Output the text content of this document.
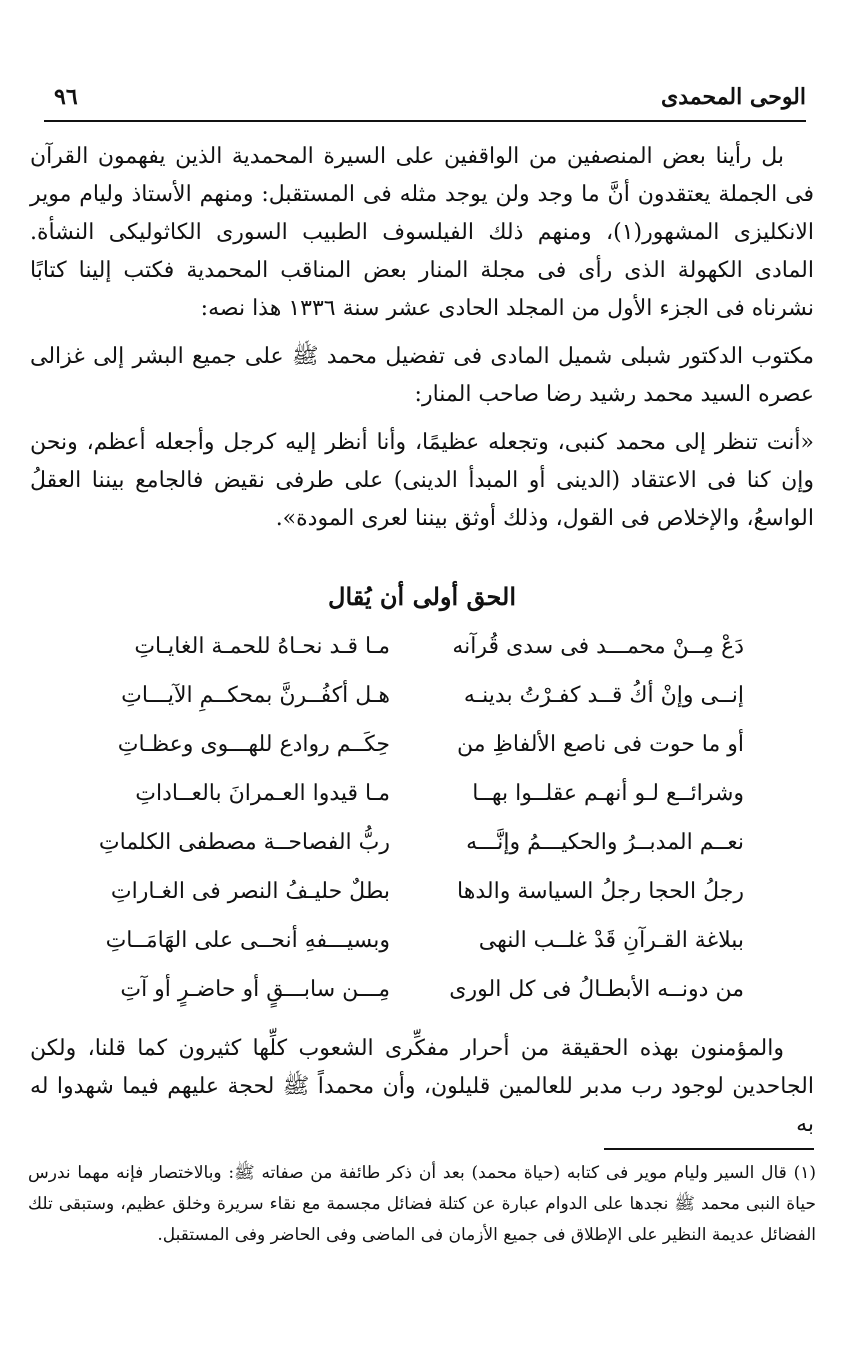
الوحى المحمدى
٩٦

بل رأينا بعض المنصفين من الواقفين على السيرة المحمدية الذين يفهمون القرآن فى الجملة يعتقدون أنَّ ما وجد ولن يوجد مثله فى المستقبل: ومنهم الأستاذ وليام موير الانكليزى المشهور(١)، ومنهم ذلك الفيلسوف الطبيب السورى الكاثوليكى النشأة. المادى الكهولة الذى رأى فى مجلة المنار بعض المناقب المحمدية فكتب إلينا كتابًا نشرناه فى الجزء الأول من المجلد الحادى عشر سنة ١٣٣٦ هذا نصه:

مكتوب الدكتور شبلى شميل المادى فى تفضيل محمد ﷺ على جميع البشر إلى غزالى عصره السيد محمد رشيد رضا صاحب المنار:

«أنت تنظر إلى محمد كنبى، وتجعله عظيمًا، وأنا أنظر إليه كرجل وأجعله أعظم، ونحن وإن كنا فى الاعتقاد (الدينى أو المبدأ الدينى) على طرفى نقيض فالجامع بيننا العقلُ الواسعُ، والإخلاص فى القول، وذلك أوثق بيننا لعرى المودة».

الحق أولى أن يُقال
دَعْ مِــنْ محمـــد فى سدى قُرآنه
مـا قـد نحـاهُ للحمـة الغايـاتِ
إنــى وإنْ أكُ قــد كفـرْتُ بدينـه
هـل أكفُــرنَّ بمحكــمِ الآيـــاتِ
أو ما حوت فى ناصع الألفاظِ من
حِكَــم روادع للهـــوى وعظـاتِ
وشرائــع لـو أنهـم عقلــوا بهــا
مـا قيدوا العـمرانَ بالعــاداتِ
نعــم المدبــرُ والحكيـــمُ وإنَّـــه
ربُّ الفصاحــة مصطفى الكلماتِ
رجلُ الحجا رجلُ السياسة والدها
بطلٌ حليـفُ النصر فى الغـاراتِ
ببلاغة القـرآنِ قَدْ غلــب النهى
وبسيـــفهِ أنحــى على الهَامَــاتِ
من دونــه الأبطـالُ فى كل الورى
مِـــن سابـــقٍ أو حاضـرٍ أو آتِ

والمؤمنون بهذه الحقيقة من أحرار مفكِّرى الشعوب كلِّها كثيرون كما قلنا، ولكن الجاحدين لوجود رب مدبر للعالمين قليلون، وأن محمداً ﷺ لحجة عليهم فيما شهدوا له به

(١) قال السير وليام موير فى كتابه (حياة محمد) بعد أن ذكر طائفة من صفاته ﷺ: وبالاختصار فإنه مهما ندرس حياة النبى محمد ﷺ نجدها على الدوام عبارة عن كتلة فضائل مجسمة مع نقاء سريرة وخلق عظيم، وستبقى تلك الفضائل عديمة النظير على الإطلاق فى جميع الأزمان فى الماضى وفى الحاضر وفى المستقبل.
